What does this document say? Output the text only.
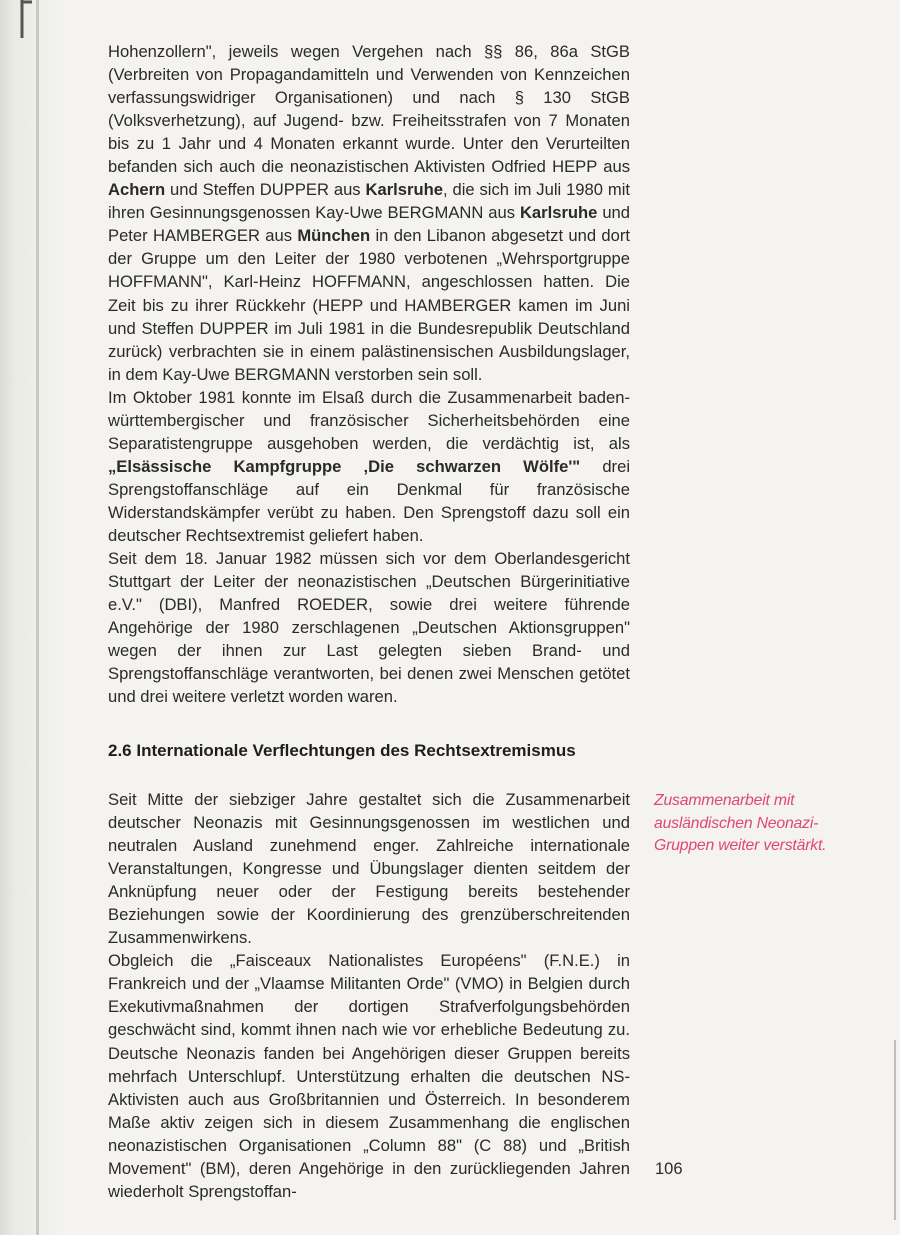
Hohenzollern", jeweils wegen Vergehen nach §§ 86, 86a StGB (Verbreiten von Propagandamitteln und Verwenden von Kennzeichen verfassungswidriger Organisationen) und nach § 130 StGB (Volksverhetzung), auf Jugend- bzw. Freiheitsstrafen von 7 Monaten bis zu 1 Jahr und 4 Monaten erkannt wurde. Unter den Verurteilten befanden sich auch die neonazistischen Aktivisten Odfried HEPP aus Achern und Steffen DUPPER aus Karlsruhe, die sich im Juli 1980 mit ihren Gesinnungsgenossen Kay-Uwe BERGMANN aus Karlsruhe und Peter HAMBERGER aus München in den Libanon abgesetzt und dort der Gruppe um den Leiter der 1980 verbotenen „Wehrsportgruppe HOFFMANN", Karl-Heinz HOFFMANN, angeschlossen hatten. Die Zeit bis zu ihrer Rückkehr (HEPP und HAMBERGER kamen im Juni und Steffen DUPPER im Juli 1981 in die Bundesrepublik Deutschland zurück) verbrachten sie in einem palästinensischen Ausbildungslager, in dem Kay-Uwe BERGMANN verstorben sein soll.

Im Oktober 1981 konnte im Elsaß durch die Zusammenarbeit baden-württembergischer und französischer Sicherheitsbehörden eine Separatistengruppe ausgehoben werden, die verdächtig ist, als „Elsässische Kampfgruppe ‚Die schwarzen Wölfe'" drei Sprengstoffanschläge auf ein Denkmal für französische Widerstandskämpfer verübt zu haben. Den Sprengstoff dazu soll ein deutscher Rechtsextremist geliefert haben.

Seit dem 18. Januar 1982 müssen sich vor dem Oberlandesgericht Stuttgart der Leiter der neonazistischen „Deutschen Bürgerinitiative e.V." (DBI), Manfred ROEDER, sowie drei weitere führende Angehörige der 1980 zerschlagenen „Deutschen Aktionsgruppen" wegen der ihnen zur Last gelegten sieben Brand- und Sprengstoffanschläge verantworten, bei denen zwei Menschen getötet und drei weitere verletzt worden waren.

2.6 Internationale Verflechtungen des Rechtsextremismus

Seit Mitte der siebziger Jahre gestaltet sich die Zusammenarbeit deutscher Neonazis mit Gesinnungsgenossen im westlichen und neutralen Ausland zunehmend enger. Zahlreiche internationale Veranstaltungen, Kongresse und Übungslager dienten seitdem der Anknüpfung neuer oder der Festigung bereits bestehender Beziehungen sowie der Koordinierung des grenzüberschreitenden Zusammenwirkens.

Obgleich die „Faisceaux Nationalistes Européens" (F.N.E.) in Frankreich und der „Vlaamse Militanten Orde" (VMO) in Belgien durch Exekutivmaßnahmen der dortigen Strafverfolgungsbehörden geschwächt sind, kommt ihnen nach wie vor erhebliche Bedeutung zu. Deutsche Neonazis fanden bei Angehörigen dieser Gruppen bereits mehrfach Unterschlupf. Unterstützung erhalten die deutschen NS-Aktivisten auch aus Großbritannien und Österreich. In besonderem Maße aktiv zeigen sich in diesem Zusammenhang die englischen neonazistischen Organisationen „Column 88" (C 88) und „British Movement" (BM), deren Angehörige in den zurückliegenden Jahren wiederholt Sprengstoffan-

Zusammenarbeit mit ausländischen Neonazi-Gruppen weiter verstärkt.
106
